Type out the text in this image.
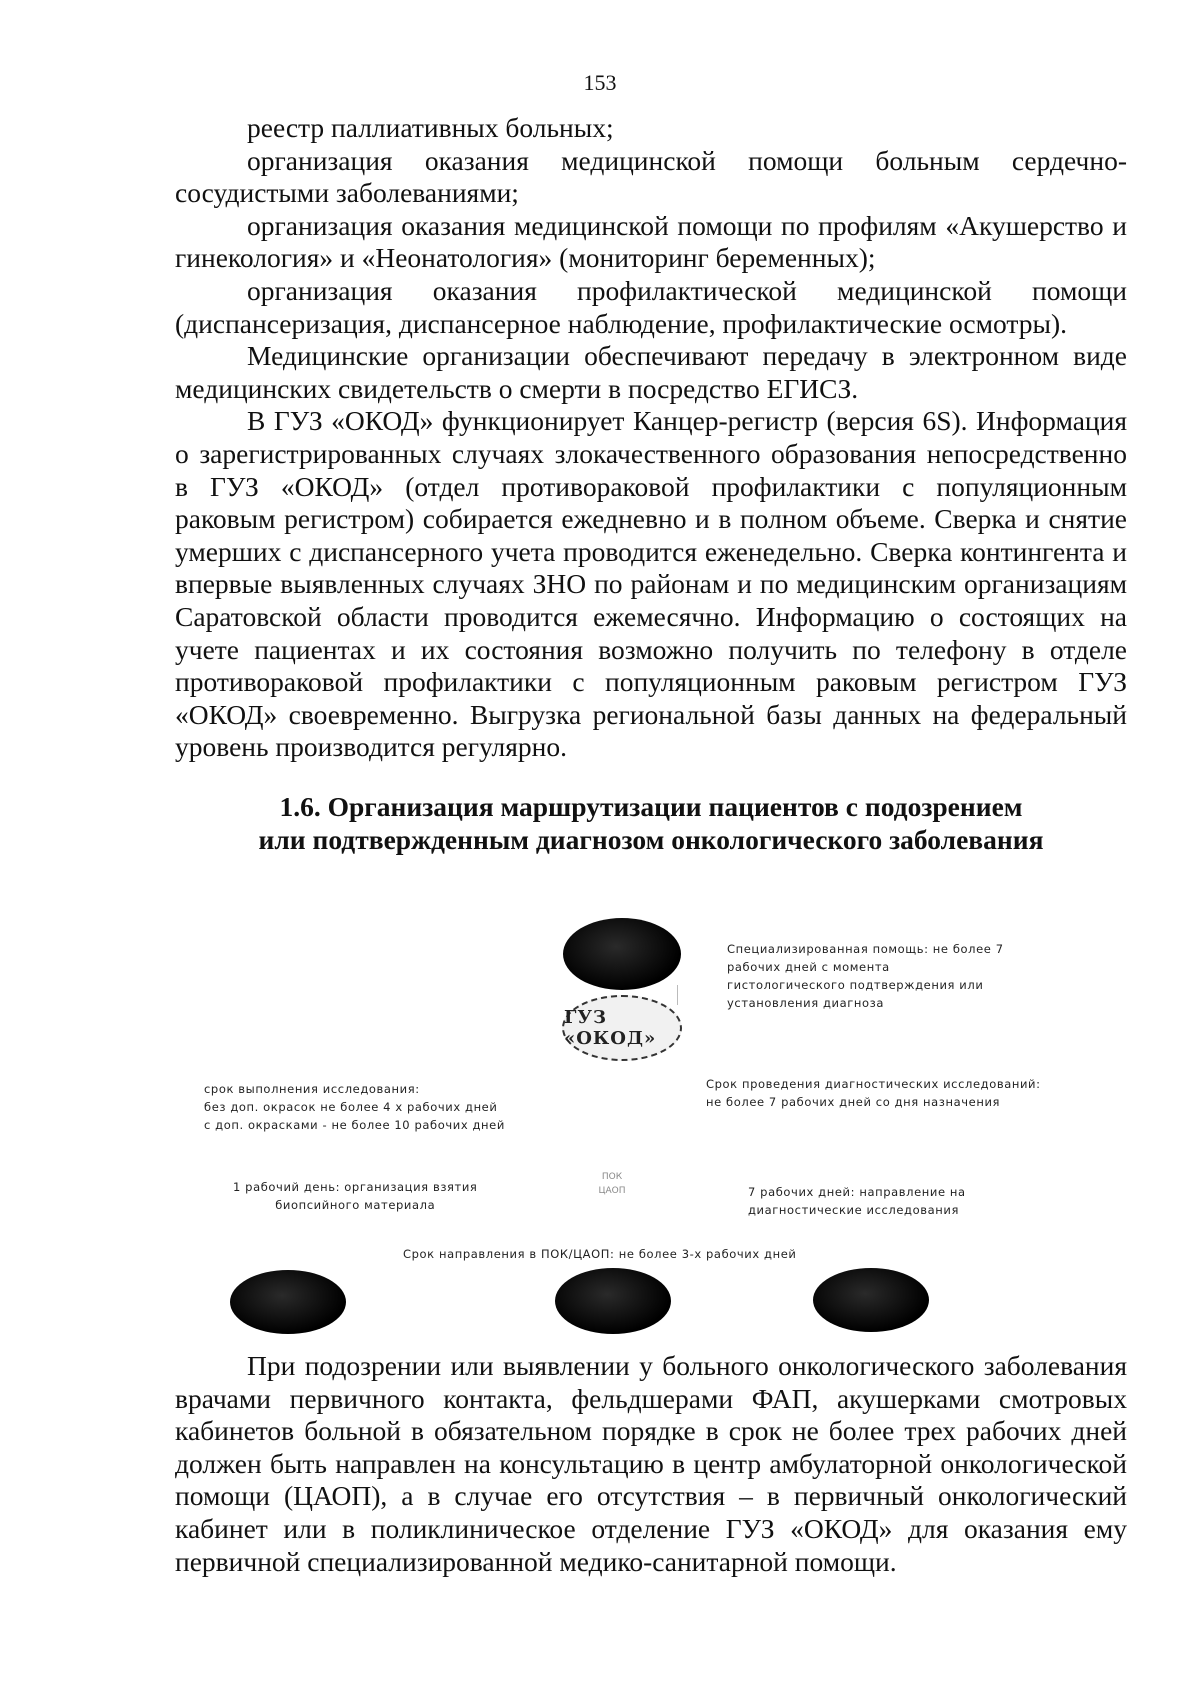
153

реестр паллиативных больных;

организация оказания медицинской помощи больным сердечно-сосудистыми заболеваниями;

организация оказания медицинской помощи по профилям «Акушерство и гинекология» и «Неонатология» (мониторинг беременных);

организация оказания профилактической медицинской помощи (диспансеризация, диспансерное наблюдение, профилактические осмотры).

Медицинские организации обеспечивают передачу в электронном виде медицинских свидетельств о смерти в посредство ЕГИСЗ.

В ГУЗ «ОКОД» функционирует Канцер-регистр (версия 6S). Информация о зарегистрированных случаях злокачественного образования непосредственно в ГУЗ «ОКОД» (отдел противораковой профилактики с популяционным раковым регистром) собирается ежедневно и в полном объеме. Сверка и снятие умерших с диспансерного учета проводится еженедельно. Сверка контингента и впервые выявленных случаях ЗНО по районам и по медицинским организациям Саратовской области проводится ежемесячно. Информацию о состоящих на учете пациентах и их состояния возможно получить по телефону в отделе противораковой профилактики с популяционным раковым регистром ГУЗ «ОКОД» своевременно. Выгрузка региональной базы данных на федеральный уровень производится регулярно.

1.6. Организация маршрутизации пациентов с подозрением
или подтвержденным диагнозом онкологического заболевания
ГУЗ «ОКОД»
Специализированная помощь: не более 7
рабочих дней с момента
гистологического подтверждения или
установления диагноза
срок выполнения исследования:
без доп. окрасок не более 4 х рабочих дней
с доп. окрасками - не более 10 рабочих дней
Срок проведения диагностических исследований:
не более 7 рабочих дней со дня назначения
1 рабочий день: организация взятия
биопсийного материала
ПОК
ЦАОП	7 рабочих дней: направление на
диагностические исследования
Срок направления в ПОК/ЦАОП: не более 3-х рабочих дней

При подозрении или выявлении у больного онкологического заболевания врачами первичного контакта, фельдшерами ФАП, акушерками смотровых кабинетов больной в обязательном порядке в срок не более трех рабочих дней должен быть направлен на консультацию в центр амбулаторной онкологической помощи (ЦАОП), а в случае его отсутствия – в первичный онкологический кабинет или в поликлиническое отделение ГУЗ «ОКОД» для оказания ему первичной специализированной медико-санитарной помощи.
